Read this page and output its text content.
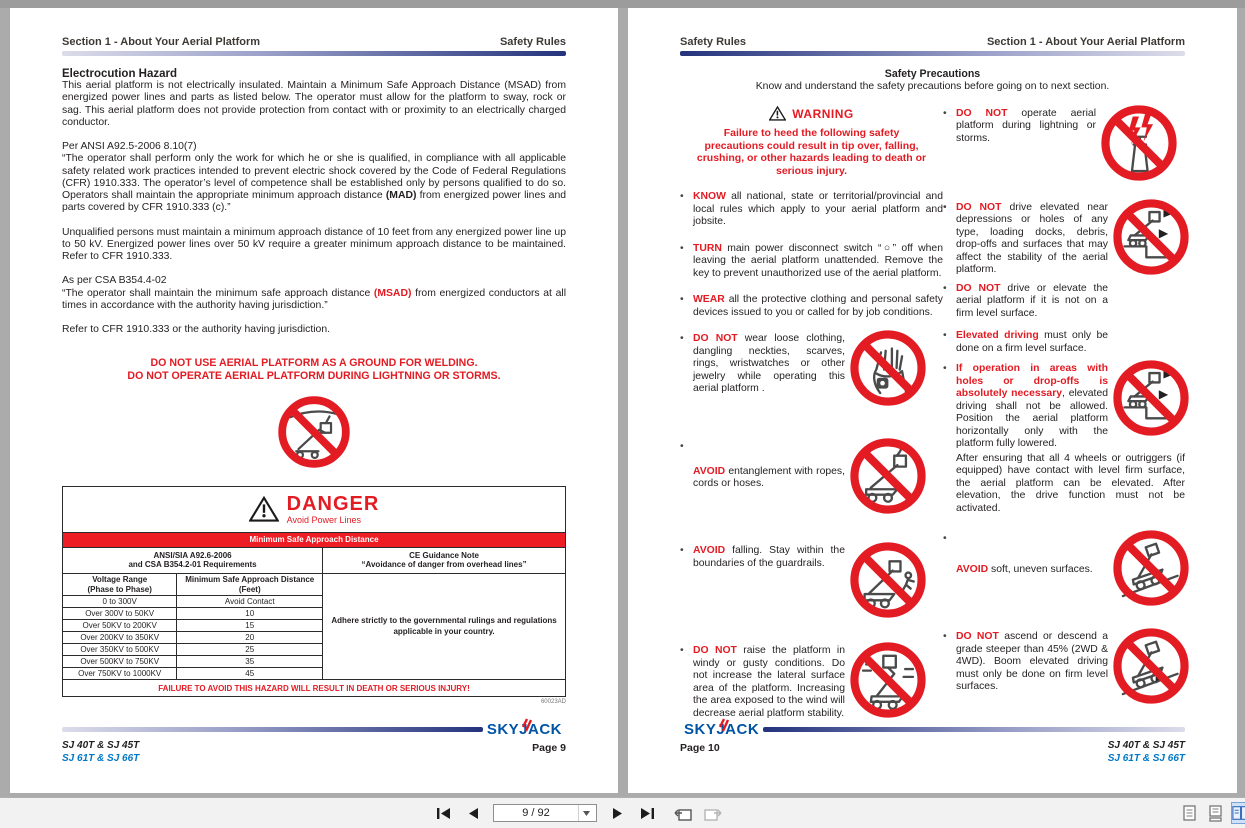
Section 1 - About Your Aerial Platform	Safety Rules
Electrocution Hazard

This aerial platform is not electrically insulated. Maintain a Minimum Safe Approach Distance (MSAD) from energized power lines and parts as listed below. The operator must allow for the platform to sway, rock or sag. This aerial platform does not provide protection from contact with or proximity to an electrically charged conductor.

Per ANSI A92.5-2006 8.10(7)
“The operator shall perform only the work for which he or she is qualified, in compliance with all applicable safety related work practices intended to prevent electric shock covered by the Code of Federal Regulations (CFR) 1910.333. The operator’s level of competence shall be established only by persons qualified to do so. Operators shall maintain the appropriate minimum approach distance (MAD) from energized power lines and parts covered by CFR 1910.333 (c).”

Unqualified persons must maintain a minimum approach distance of 10 feet from any energized power line up to 50 kV. Energized power lines over 50 kV require a greater minimum approach distance to be maintained. Refer to CFR 1910.333.

As per CSA B354.4-02
“The operator shall maintain the minimum safe approach distance (MSAD) from energized conductors at all times in accordance with the authority having jurisdiction.”

Refer to CFR 1910.333 or the authority having jurisdiction.

DO NOT USE AERIAL PLATFORM AS A GROUND FOR WELDING.
DO NOT OPERATE AERIAL PLATFORM DURING LIGHTNING OR STORMS.
DANGER
Avoid Power Lines		

Minimum Safe Approach Distance		
ANSI/SIA A92.6-2006
and CSA B354.2-01 Requirements		CE Guidance Note
“Avoidance of danger from overhead lines”
Voltage Range
(Phase to Phase)	Minimum Safe Approach Distance
(Feet)	Adhere strictly to the governmental rulings and regulations applicable in your country.
0 to 300V	Avoid Contact	
Over 300V to 50KV	10	
Over 50KV to 200KV	15	
Over 200KV to 350KV	20	
Over 350KV to 500KV	25	
Over 500KV to 750KV	35	
Over 750KV to 1000KV	45	
FAILURE TO AVOID THIS HAZARD WILL RESULT IN DEATH OR SERIOUS INJURY!		
60023AD
SKYJACK
SJ 40T & SJ 45T
SJ 61T & SJ 66T
Page 9
Safety Rules	Section 1 - About Your Aerial Platform
Safety Precautions
Know and understand the safety precautions before going on to next section.
WARNING
Failure to heed the following safety precautions could result in tip over, falling, crushing, or other hazards leading to death or serious injury.
• KNOW all national, state or territorial/provincial and local rules which apply to your aerial platform and jobsite.
• TURN main power disconnect switch “○” off when leaving the aerial platform unattended. Remove the key to prevent unauthorized use of the aerial platform.
• WEAR all the protective clothing and personal safety devices issued to you or called for by job conditions.
• DO NOT wear loose clothing, dangling neckties, scarves, rings, wristwatches or other jewelry while operating this aerial platform .
•
AVOID entanglement with ropes, cords or hoses.
• AVOID falling. Stay within the boundaries of the guardrails.
• DO NOT raise the platform in windy or gusty conditions. Do not increase the lateral surface area of the platform. Increasing the area exposed to the wind will decrease aerial platform stability.
• DO NOT operate aerial platform during lightning or storms.
• DO NOT drive elevated near depressions or holes of any type, loading docks, debris, drop-offs and surfaces that may affect the stability of the aerial platform.
• DO NOT drive or elevate the aerial platform if it is not on a firm level surface.
• Elevated driving must only be done on a firm level surface.
• If operation in areas with holes or drop-offs is absolutely necessary, elevated driving shall not be allowed. Position the aerial platform horizontally only with the platform fully lowered.
After ensuring that all 4 wheels or outriggers (if equipped) have contact with level firm surface, the aerial platform can be elevated. After elevation, the drive function must not be activated.
•
AVOID soft, uneven surfaces.
• DO NOT ascend or descend a grade steeper than 45% (2WD & 4WD). Boom elevated driving must only be done on firm level surfaces.
SKYJACK
Page 10	SJ 40T & SJ 45T
SJ 61T & SJ 66T
9 / 92
